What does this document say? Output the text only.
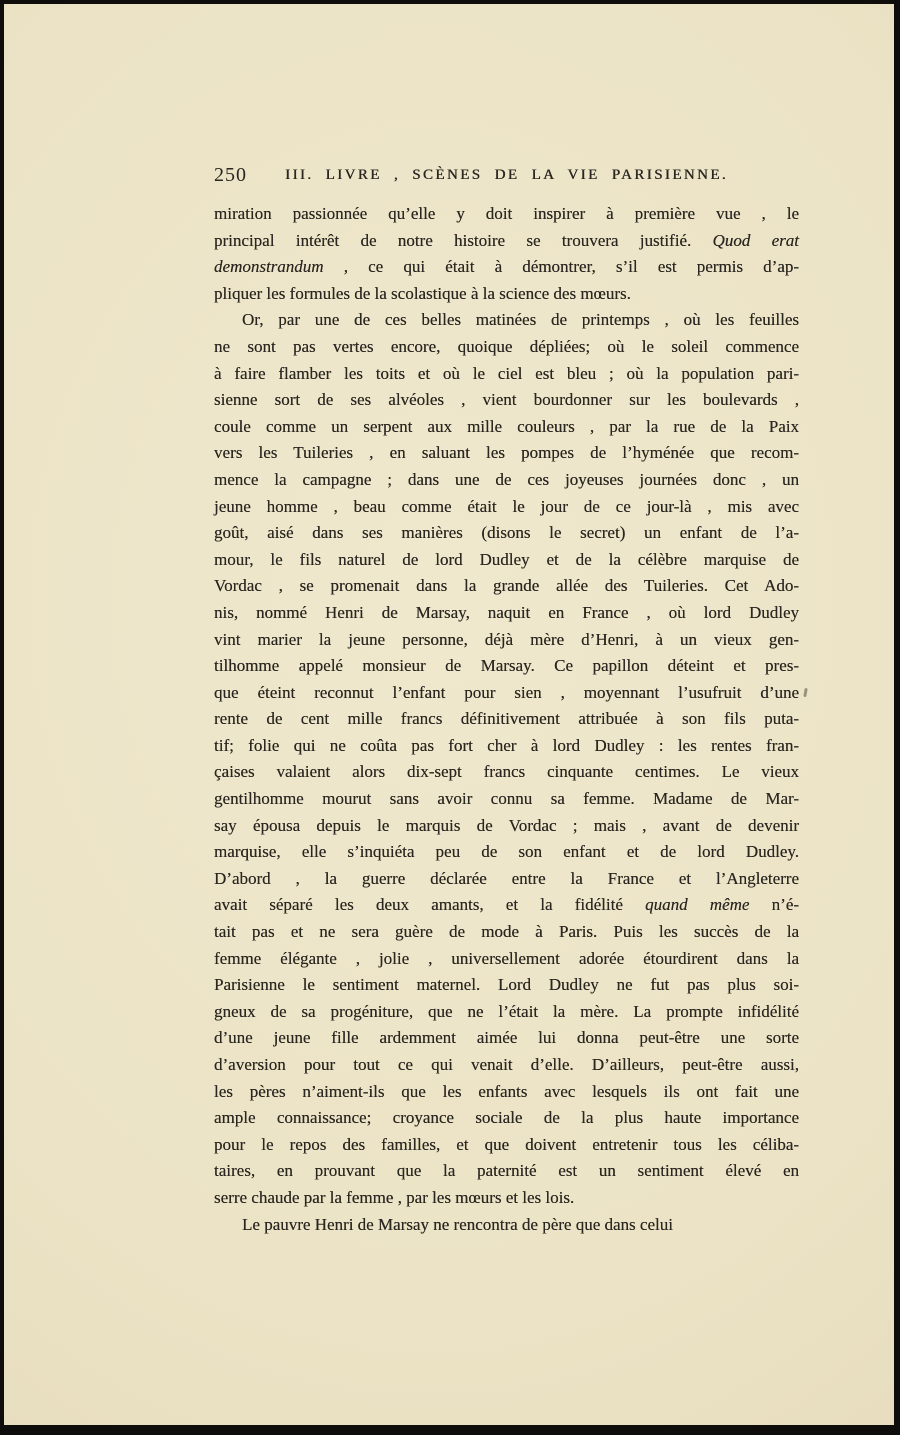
250	III. LIVRE , SCÈNES DE LA VIE PARISIENNE.
miration passionnée qu’elle y doit inspirer à première vue , le
principal intérêt de notre histoire se trouvera justifié. Quod erat
demonstrandum , ce qui était à démontrer, s’il est permis d’ap-
pliquer les formules de la scolastique à la science des mœurs.
Or, par une de ces belles matinées de printemps , où les feuilles
ne sont pas vertes encore, quoique dépliées; où le soleil commence
à faire flamber les toits et où le ciel est bleu ; où la population pari-
sienne sort de ses alvéoles , vient bourdonner sur les boulevards ,
coule comme un serpent aux mille couleurs , par la rue de la Paix
vers les Tuileries , en saluant les pompes de l’hyménée que recom-
mence la campagne ; dans une de ces joyeuses journées donc , un
jeune homme , beau comme était le jour de ce jour-là , mis avec
goût, aisé dans ses manières (disons le secret) un enfant de l’a-
mour, le fils naturel de lord Dudley et de la célèbre marquise de
Vordac , se promenait dans la grande allée des Tuileries. Cet Ado-
nis, nommé Henri de Marsay, naquit en France , où lord Dudley
vint marier la jeune personne, déjà mère d’Henri, à un vieux gen-
tilhomme appelé monsieur de Marsay. Ce papillon déteint et pres-
que éteint reconnut l’enfant pour sien , moyennant l’usufruit d’une
rente de cent mille francs définitivement attribuée à son fils puta-
tif; folie qui ne coûta pas fort cher à lord Dudley : les rentes fran-
çaises valaient alors dix-sept francs cinquante centimes. Le vieux
gentilhomme mourut sans avoir connu sa femme. Madame de Mar-
say épousa depuis le marquis de Vordac ; mais , avant de devenir
marquise, elle s’inquiéta peu de son enfant et de lord Dudley.
D’abord , la guerre déclarée entre la France et l’Angleterre
avait séparé les deux amants, et la fidélité quand même n’é-
tait pas et ne sera guère de mode à Paris. Puis les succès de la
femme élégante , jolie , universellement adorée étourdirent dans la
Parisienne le sentiment maternel. Lord Dudley ne fut pas plus soi-
gneux de sa progéniture, que ne l’était la mère. La prompte infidélité
d’une jeune fille ardemment aimée lui donna peut-être une sorte
d’aversion pour tout ce qui venait d’elle. D’ailleurs, peut-être aussi,
les pères n’aiment-ils que les enfants avec lesquels ils ont fait une
ample connaissance; croyance sociale de la plus haute importance
pour le repos des familles, et que doivent entretenir tous les céliba-
taires, en prouvant que la paternité est un sentiment élevé en
serre chaude par la femme , par les mœurs et les lois.
Le pauvre Henri de Marsay ne rencontra de père que dans celui
